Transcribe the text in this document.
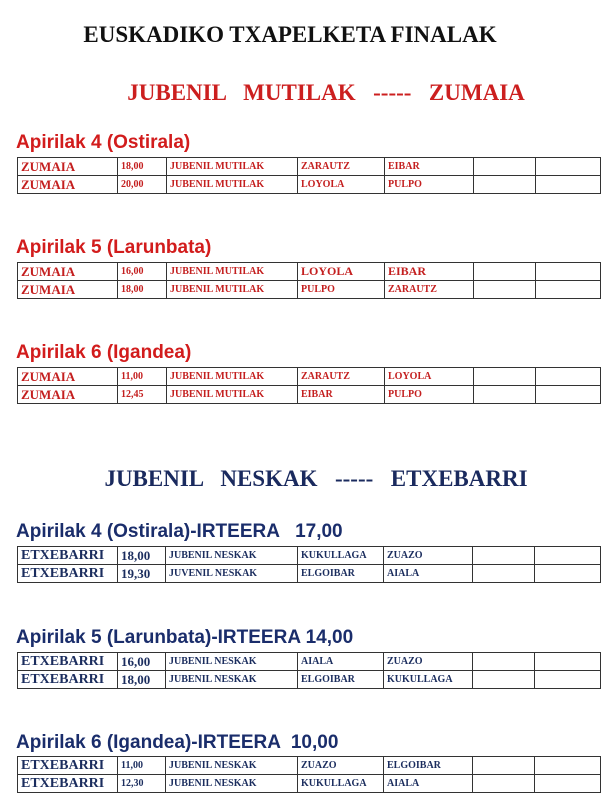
EUSKADIKO TXAPELKETA FINALAK
JUBENIL  MUTILAK  -----  ZUMAIA
Apirilak 4 (Ostirala)
ZUMAIA	18,00	JUBENIL MUTILAK	ZARAUTZ	EIBAR		
ZUMAIA	20,00	JUBENIL MUTILAK	LOYOLA	PULPO		
Apirilak 5 (Larunbata)
ZUMAIA	16,00	JUBENIL MUTILAK	LOYOLA	EIBAR		
ZUMAIA	18,00	JUBENIL MUTILAK	PULPO	ZARAUTZ		
Apirilak 6 (Igandea)
ZUMAIA	11,00	JUBENIL MUTILAK	ZARAUTZ	LOYOLA		
ZUMAIA	12,45	JUBENIL MUTILAK	EIBAR	PULPO		
JUBENIL  NESKAK  -----  ETXEBARRI
Apirilak 4 (Ostirala)-IRTEERA   17,00
ETXEBARRI	18,00	JUBENIL NESKAK	KUKULLAGA	ZUAZO		
ETXEBARRI	19,30	JUVENIL NESKAK	ELGOIBAR	AIALA		
Apirilak 5 (Larunbata)-IRTEERA 14,00
ETXEBARRI	16,00	JUBENIL NESKAK	AIALA	ZUAZO		
ETXEBARRI	18,00	JUBENIL NESKAK	ELGOIBAR	KUKULLAGA		
Apirilak 6 (Igandea)-IRTEERA  10,00
ETXEBARRI	11,00	JUBENIL NESKAK	ZUAZO	ELGOIBAR		
ETXEBARRI	12,30	JUBENIL NESKAK	KUKULLAGA	AIALA		
